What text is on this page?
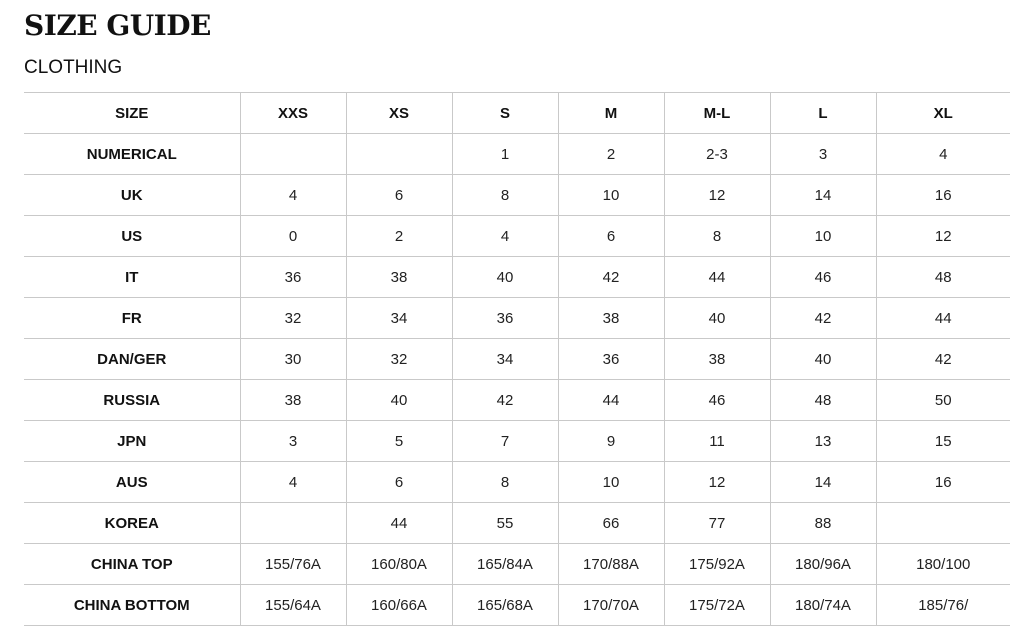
SIZE GUIDE
CLOTHING
SIZE	XXS	XS	S	M	M-L	L	XL
NUMERICAL			1	2	2-3	3	4
UK	4	6	8	10	12	14	16
US	0	2	4	6	8	10	12
IT	36	38	40	42	44	46	48
FR	32	34	36	38	40	42	44
DAN/GER	30	32	34	36	38	40	42
RUSSIA	38	40	42	44	46	48	50
JPN	3	5	7	9	11	13	15
AUS	4	6	8	10	12	14	16
KOREA		44	55	66	77	88	
CHINA TOP	155/76A	160/80A	165/84A	170/88A	175/92A	180/96A	180/100
CHINA BOTTOM	155/64A	160/66A	165/68A	170/70A	175/72A	180/74A	185/76/
